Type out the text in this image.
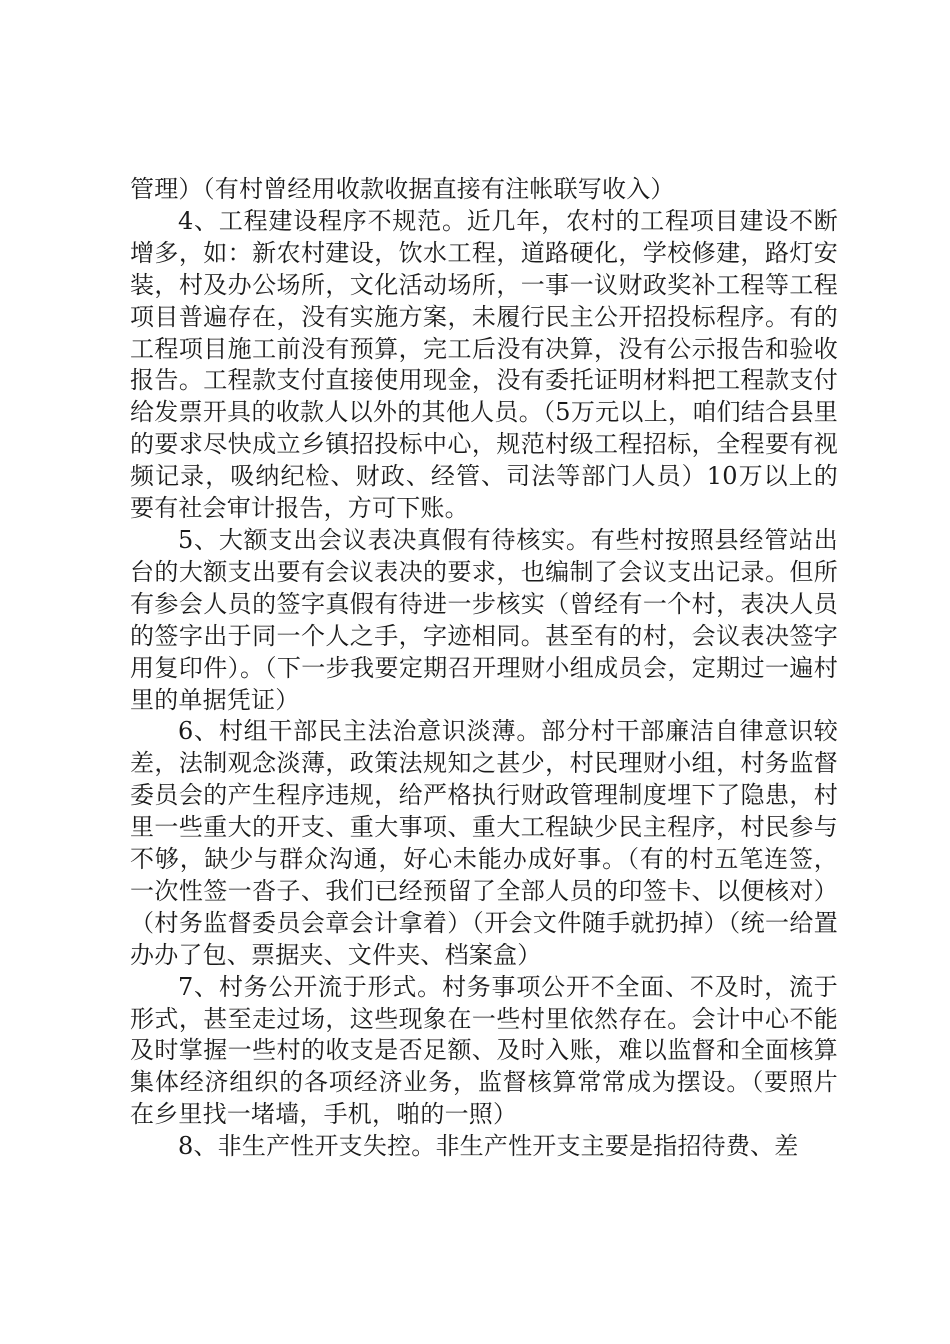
管理）（有村曾经用收款收据直接有注帐联写收入）

4、工程建设程序不规范。近几年，农村的工程项目建设不断增多，如：新农村建设，饮水工程，道路硬化，学校修建，路灯安装，村及办公场所，文化活动场所，一事一议财政奖补工程等工程项目普遍存在，没有实施方案，未履行民主公开招投标程序。有的工程项目施工前没有预算，完工后没有决算，没有公示报告和验收报告。工程款支付直接使用现金，没有委托证明材料把工程款支付给发票开具的收款人以外的其他人员。（5万元以上，咱们结合县里的要求尽快成立乡镇招投标中心，规范村级工程招标，全程要有视频记录，吸纳纪检、财政、经管、司法等部门人员）10万以上的要有社会审计报告，方可下账。

5、大额支出会议表决真假有待核实。有些村按照县经管站出台的大额支出要有会议表决的要求，也编制了会议支出记录。但所有参会人员的签字真假有待进一步核实（曾经有一个村，表决人员的签字出于同一个人之手，字迹相同。甚至有的村，会议表决签字用复印件）。（下一步我要定期召开理财小组成员会，定期过一遍村里的单据凭证）

6、村组干部民主法治意识淡薄。部分村干部廉洁自律意识较差，法制观念淡薄，政策法规知之甚少，村民理财小组，村务监督委员会的产生程序违规，给严格执行财政管理制度埋下了隐患，村里一些重大的开支、重大事项、重大工程缺少民主程序，村民参与不够，缺少与群众沟通，好心未能办成好事。（有的村五笔连签，一次性签一沓子、我们已经预留了全部人员的印签卡、以便核对）（村务监督委员会章会计拿着）（开会文件随手就扔掉）（统一给置办办了包、票据夹、文件夹、档案盒）

7、村务公开流于形式。村务事项公开不全面、不及时，流于形式，甚至走过场，这些现象在一些村里依然存在。会计中心不能及时掌握一些村的收支是否足额、及时入账，难以监督和全面核算集体经济组织的各项经济业务，监督核算常常成为摆设。（要照片在乡里找一堵墙，手机，啪的一照）

8、非生产性开支失控。非生产性开支主要是指招待费、差
